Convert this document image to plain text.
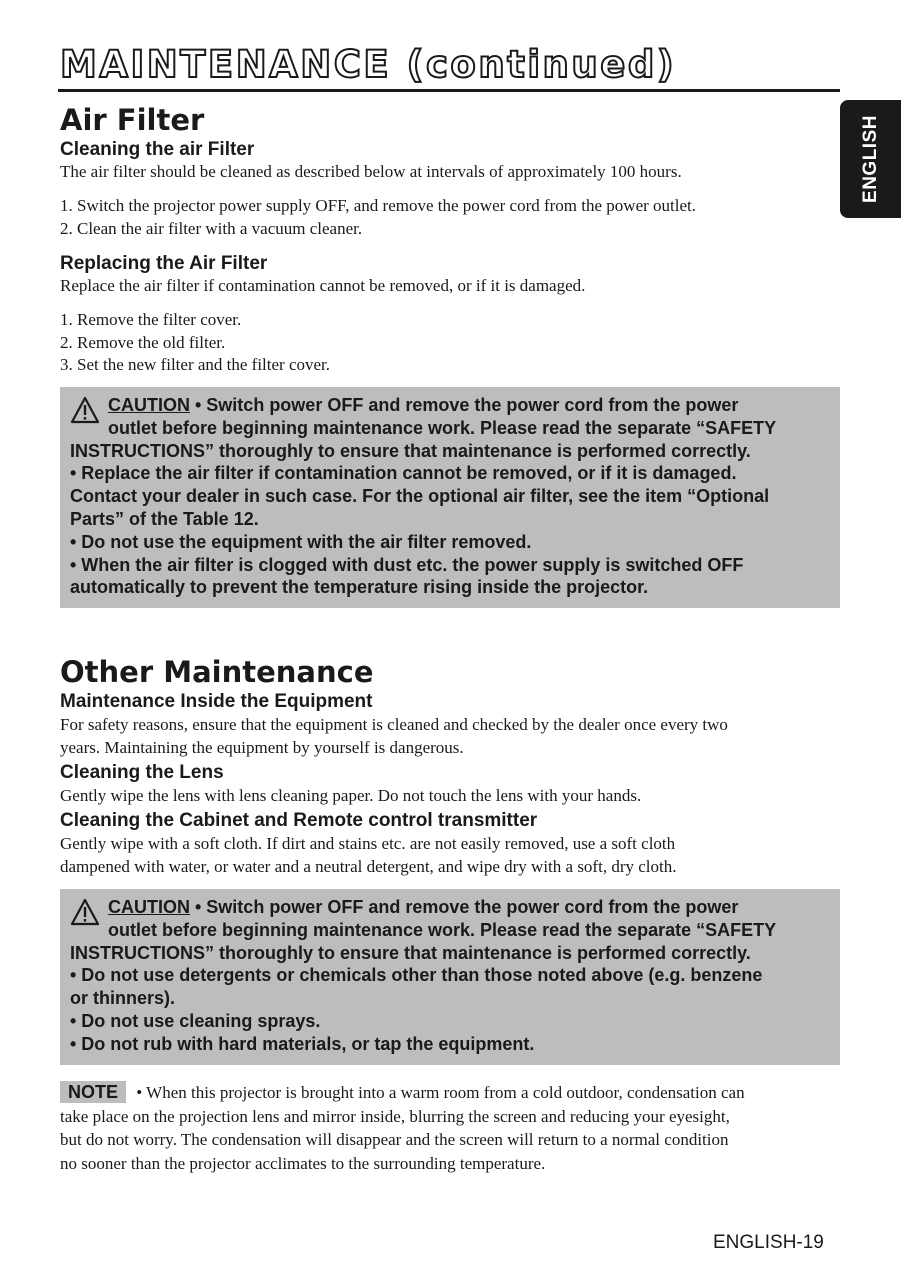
MAINTENANCE (continued)
ENGLISH
Air Filter
Cleaning the air Filter

The air filter should be cleaned as described below at intervals of approximately 100 hours.

1. Switch the projector power supply OFF, and remove the power cord from the power outlet.
2. Clean the air filter with a vacuum cleaner.
Replacing the Air Filter

Replace the air filter if contamination cannot be removed, or if it is damaged.

1. Remove the filter cover.
2. Remove the old filter.
3. Set the new filter and the filter cover.
CAUTION • Switch power OFF and remove the power cord from the power
outlet before beginning maintenance work. Please read the separate “SAFETY
INSTRUCTIONS” thoroughly to ensure that maintenance is performed correctly.
• Replace the air filter if contamination cannot be removed, or if it is damaged.
Contact your dealer in such case. For the optional air filter, see the item “Optional
Parts” of the Table 12.
• Do not use the equipment with the air filter removed.
• When the air filter is clogged with dust etc. the power supply is switched OFF
automatically to prevent the temperature rising inside the projector.
Other Maintenance
Maintenance Inside the Equipment

For safety reasons, ensure that the equipment is cleaned and checked by the dealer once every two
years. Maintaining the equipment by yourself is dangerous.

Cleaning the Lens

Gently wipe the lens with lens cleaning paper. Do not touch the lens with your hands.

Cleaning the Cabinet and Remote control transmitter

Gently wipe with a soft cloth. If dirt and stains etc. are not easily removed, use a soft cloth
dampened with water, or water and a neutral detergent, and wipe dry with a soft, dry cloth.

CAUTION • Switch power OFF and remove the power cord from the power
outlet before beginning maintenance work. Please read the separate “SAFETY
INSTRUCTIONS” thoroughly to ensure that maintenance is performed correctly.
• Do not use detergents or chemicals other than those noted above (e.g. benzene
or thinners).
• Do not use cleaning sprays.
• Do not rub with hard materials, or tap the equipment.
NOTE • When this projector is brought into a warm room from a cold outdoor, condensation can
take place on the projection lens and mirror inside, blurring the screen and reducing your eyesight,
but do not worry. The condensation will disappear and the screen will return to a normal condition
no sooner than the projector acclimates to the surrounding temperature.
ENGLISH-19
